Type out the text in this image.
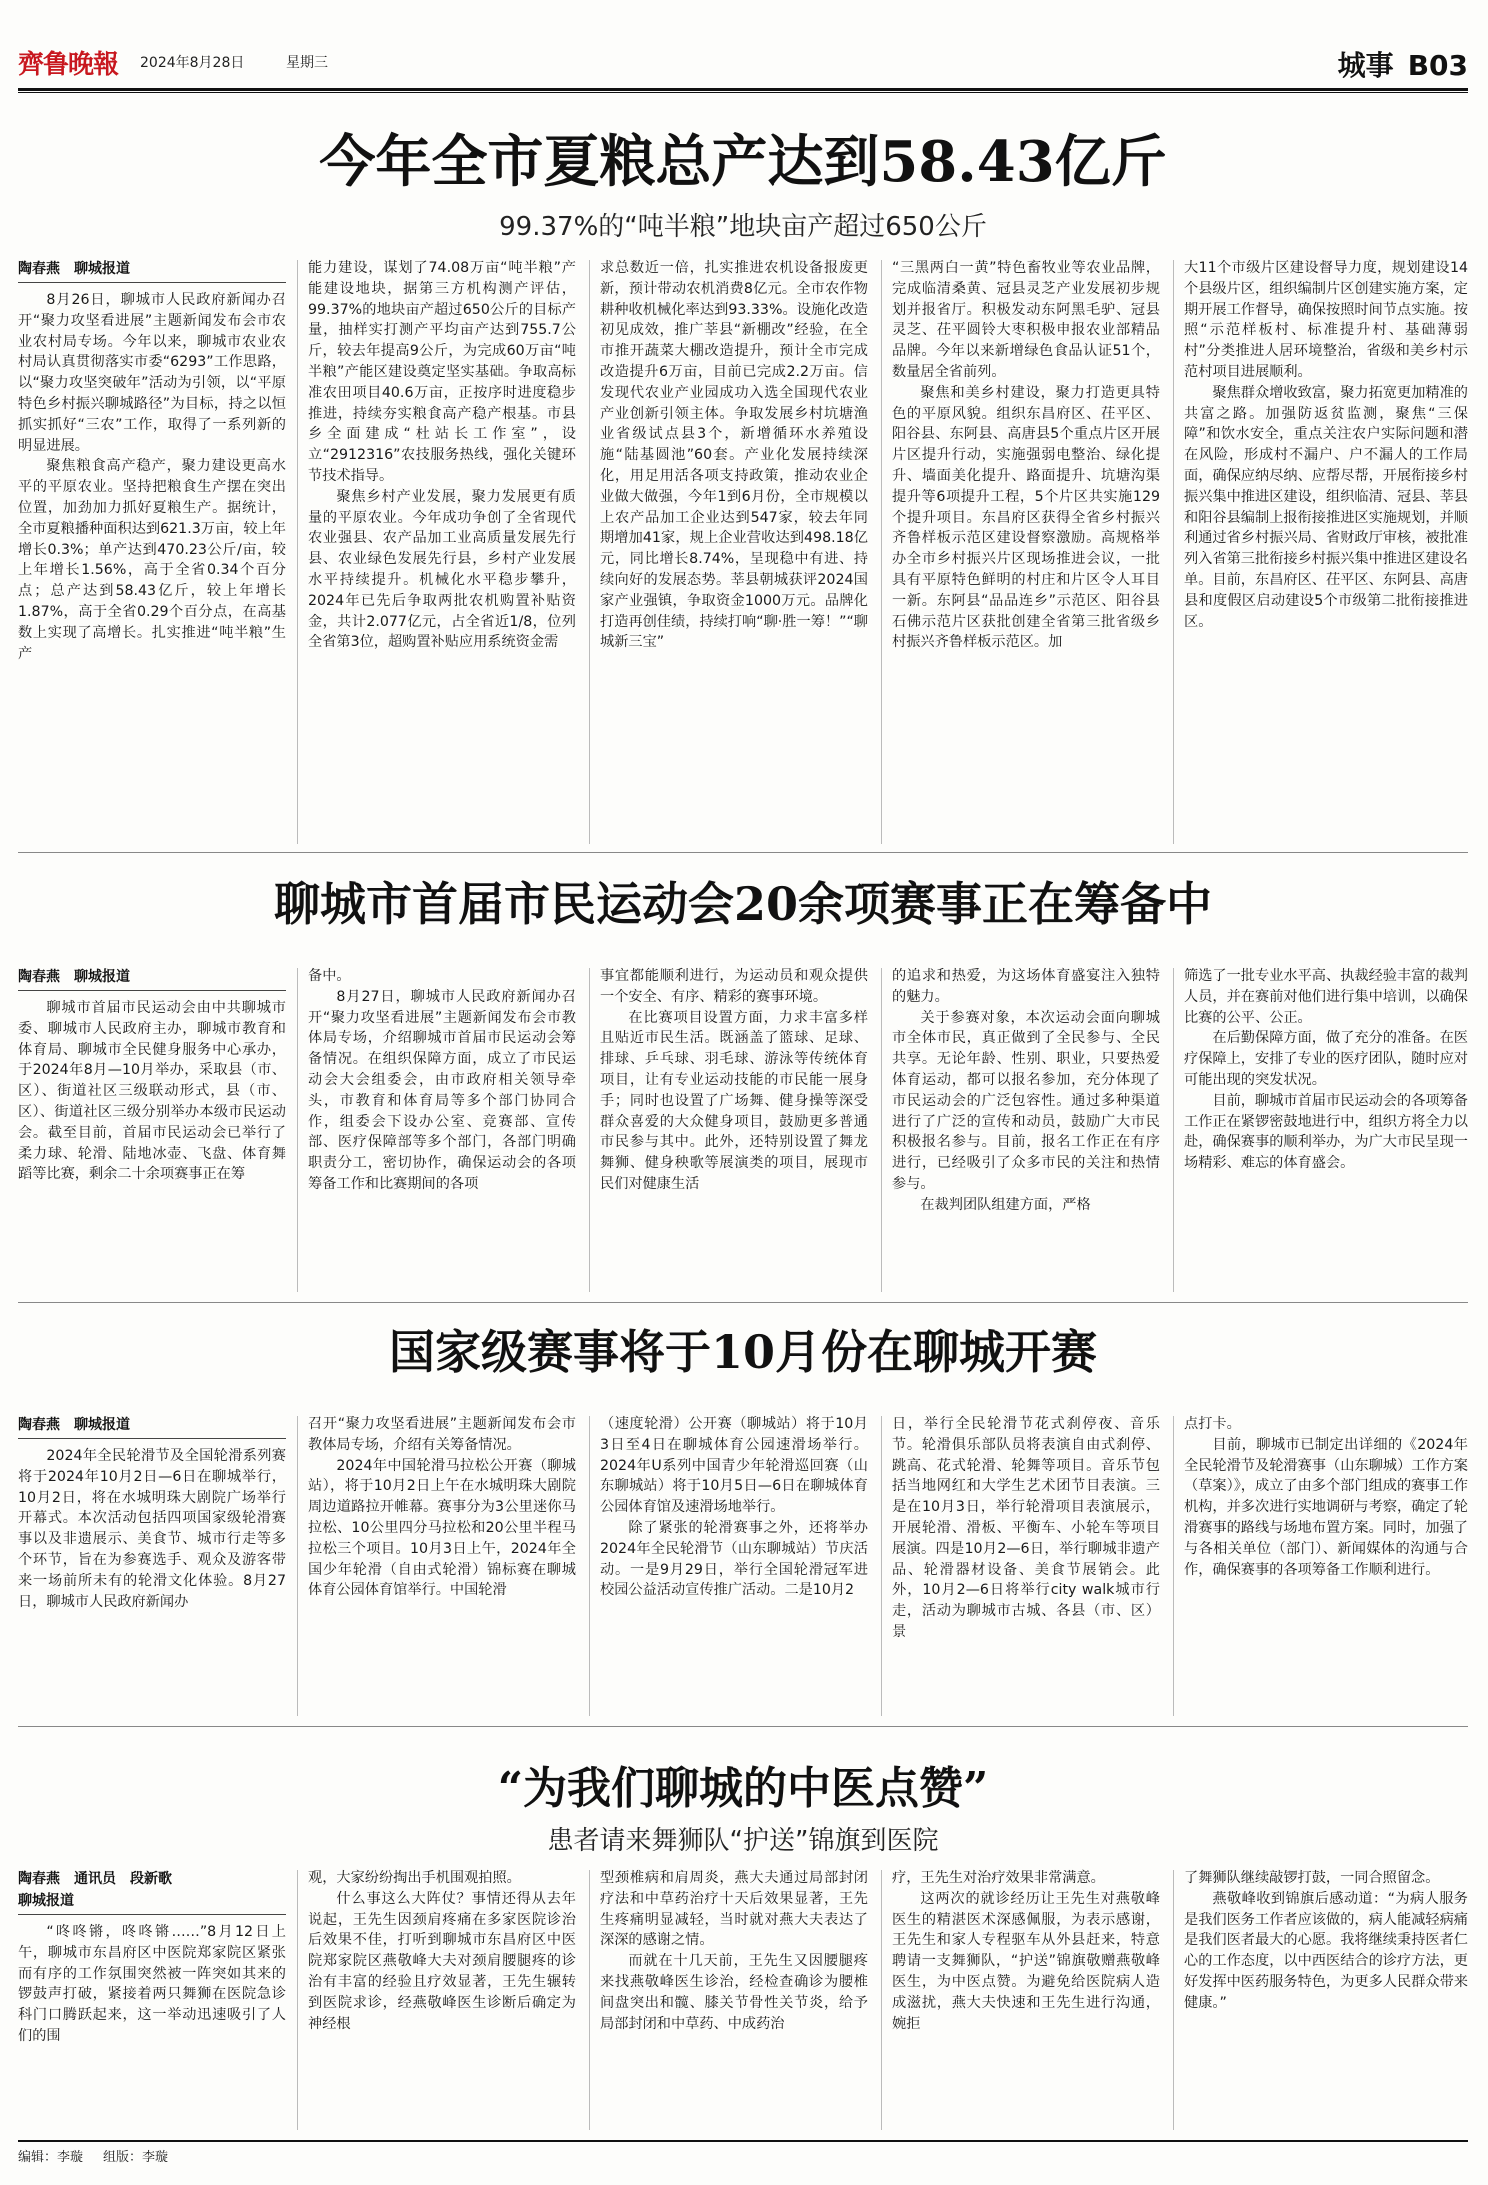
齊鲁晚報 2024年8月28日	星期三	城事 B03
今年全市夏粮总产达到58.43亿斤
99.37%的“吨半粮”地块亩产超过650公斤
陶春燕 聊城报道

8月26日，聊城市人民政府新闻办召开“聚力攻坚看进展”主题新闻发布会市农业农村局专场。今年以来，聊城市农业农村局认真贯彻落实市委“6293”工作思路，以“聚力攻坚突破年”活动为引领，以“平原特色乡村振兴聊城路径”为目标，持之以恒抓实抓好“三农”工作，取得了一系列新的明显进展。

聚焦粮食高产稳产，聚力建设更高水平的平原农业。坚持把粮食生产摆在突出位置，加劲加力抓好夏粮生产。据统计，全市夏粮播种面积达到621.3万亩，较上年增长0.3%；单产达到470.23公斤/亩，较上年增长1.56%，高于全省0.34个百分点；总产达到58.43亿斤，较上年增长1.87%，高于全省0.29个百分点，在高基数上实现了高增长。扎实推进“吨半粮”生产

能力建设，谋划了74.08万亩“吨半粮”产能建设地块，据第三方机构测产评估，99.37%的地块亩产超过650公斤的目标产量，抽样实打测产平均亩产达到755.7公斤，较去年提高9公斤，为完成60万亩“吨半粮”产能区建设奠定坚实基础。争取高标准农田项目40.6万亩，正按序时进度稳步推进，持续夯实粮食高产稳产根基。市县乡全面建成“杜站长工作室”，设立“2912316”农技服务热线，强化关键环节技术指导。

聚焦乡村产业发展，聚力发展更有质量的平原农业。今年成功争创了全省现代农业强县、农产品加工业高质量发展先行县、农业绿色发展先行县，乡村产业发展水平持续提升。机械化水平稳步攀升，2024年已先后争取两批农机购置补贴资金，共计2.077亿元，占全省近1/8，位列全省第3位，超购置补贴应用系统资金需

求总数近一倍，扎实推进农机设备报废更新，预计带动农机消费8亿元。全市农作物耕种收机械化率达到93.33%。设施化改造初见成效，推广莘县“新棚改”经验，在全市推开蔬菜大棚改造提升，预计全市完成改造提升6万亩，目前已完成2.2万亩。信发现代农业产业园成功入选全国现代农业产业创新引领主体。争取发展乡村坑塘渔业省级试点县3个，新增循环水养殖设施“陆基圆池”60套。产业化发展持续深化，用足用活各项支持政策，推动农业企业做大做强，今年1到6月份，全市规模以上农产品加工企业达到547家，较去年同期增加41家，规上企业营收达到498.18亿元，同比增长8.74%，呈现稳中有进、持续向好的发展态势。莘县朝城获评2024国家产业强镇，争取资金1000万元。品牌化打造再创佳绩，持续打响“聊·胜一筹！”“聊城新三宝”

“三黑两白一黄”特色畜牧业等农业品牌，完成临清桑黄、冠县灵芝产业发展初步规划并报省厅。积极发动东阿黑毛驴、冠县灵芝、茌平圆铃大枣积极申报农业部精品品牌。今年以来新增绿色食品认证51个，数量居全省前列。

聚焦和美乡村建设，聚力打造更具特色的平原风貌。组织东昌府区、茌平区、阳谷县、东阿县、高唐县5个重点片区开展片区提升行动，实施强弱电整治、绿化提升、墙面美化提升、路面提升、坑塘沟渠提升等6项提升工程，5个片区共实施129个提升项目。东昌府区获得全省乡村振兴齐鲁样板示范区建设督察激励。高规格举办全市乡村振兴片区现场推进会议，一批具有平原特色鲜明的村庄和片区令人耳目一新。东阿县“品品连乡”示范区、阳谷县石佛示范片区获批创建全省第三批省级乡村振兴齐鲁样板示范区。加

大11个市级片区建设督导力度，规划建设14个县级片区，组织编制片区创建实施方案，定期开展工作督导，确保按照时间节点实施。按照“示范样板村、标准提升村、基础薄弱村”分类推进人居环境整治，省级和美乡村示范村项目进展顺利。

聚焦群众增收致富，聚力拓宽更加精准的共富之路。加强防返贫监测，聚焦“三保障”和饮水安全，重点关注农户实际问题和潜在风险，形成村不漏户、户不漏人的工作局面，确保应纳尽纳、应帮尽帮，开展衔接乡村振兴集中推进区建设，组织临清、冠县、莘县和阳谷县编制上报衔接推进区实施规划，并顺利通过省乡村振兴局、省财政厅审核，被批准列入省第三批衔接乡村振兴集中推进区建设名单。目前，东昌府区、茌平区、东阿县、高唐县和度假区启动建设5个市级第二批衔接推进区。

聊城市首届市民运动会20余项赛事正在筹备中
陶春燕 聊城报道

聊城市首届市民运动会由中共聊城市委、聊城市人民政府主办，聊城市教育和体育局、聊城市全民健身服务中心承办，于2024年8月—10月举办，采取县（市、区）、街道社区三级联动形式，县（市、区）、街道社区三级分别举办本级市民运动会。截至目前，首届市民运动会已举行了柔力球、轮滑、陆地冰壶、飞盘、体育舞蹈等比赛，剩余二十余项赛事正在筹

备中。

8月27日，聊城市人民政府新闻办召开“聚力攻坚看进展”主题新闻发布会市教体局专场，介绍聊城市首届市民运动会筹备情况。在组织保障方面，成立了市民运动会大会组委会，由市政府相关领导牵头，市教育和体育局等多个部门协同合作，组委会下设办公室、竞赛部、宣传部、医疗保障部等多个部门，各部门明确职责分工，密切协作，确保运动会的各项筹备工作和比赛期间的各项

事宜都能顺利进行，为运动员和观众提供一个安全、有序、精彩的赛事环境。

在比赛项目设置方面，力求丰富多样且贴近市民生活。既涵盖了篮球、足球、排球、乒乓球、羽毛球、游泳等传统体育项目，让有专业运动技能的市民能一展身手；同时也设置了广场舞、健身操等深受群众喜爱的大众健身项目，鼓励更多普通市民参与其中。此外，还特别设置了舞龙舞狮、健身秧歌等展演类的项目，展现市民们对健康生活

的追求和热爱，为这场体育盛宴注入独特的魅力。

关于参赛对象，本次运动会面向聊城市全体市民，真正做到了全民参与、全民共享。无论年龄、性别、职业，只要热爱体育运动，都可以报名参加，充分体现了市民运动会的广泛包容性。通过多种渠道进行了广泛的宣传和动员，鼓励广大市民积极报名参与。目前，报名工作正在有序进行，已经吸引了众多市民的关注和热情参与。

在裁判团队组建方面，严格

筛选了一批专业水平高、执裁经验丰富的裁判人员，并在赛前对他们进行集中培训，以确保比赛的公平、公正。

在后勤保障方面，做了充分的准备。在医疗保障上，安排了专业的医疗团队，随时应对可能出现的突发状况。

目前，聊城市首届市民运动会的各项筹备工作正在紧锣密鼓地进行中，组织方将全力以赴，确保赛事的顺利举办，为广大市民呈现一场精彩、难忘的体育盛会。

国家级赛事将于10月份在聊城开赛
陶春燕 聊城报道

2024年全民轮滑节及全国轮滑系列赛将于2024年10月2日—6日在聊城举行，10月2日，将在水城明珠大剧院广场举行开幕式。本次活动包括四项国家级轮滑赛事以及非遗展示、美食节、城市行走等多个环节，旨在为参赛选手、观众及游客带来一场前所未有的轮滑文化体验。8月27日，聊城市人民政府新闻办

召开“聚力攻坚看进展”主题新闻发布会市教体局专场，介绍有关筹备情况。

2024年中国轮滑马拉松公开赛（聊城站），将于10月2日上午在水城明珠大剧院周边道路拉开帷幕。赛事分为3公里迷你马拉松、10公里四分马拉松和20公里半程马拉松三个项目。10月3日上午，2024年全国少年轮滑（自由式轮滑）锦标赛在聊城体育公园体育馆举行。中国轮滑

（速度轮滑）公开赛（聊城站）将于10月3日至4日在聊城体育公园速滑场举行。2024年U系列中国青少年轮滑巡回赛（山东聊城站）将于10月5日—6日在聊城体育公园体育馆及速滑场地举行。

除了紧张的轮滑赛事之外，还将举办2024年全民轮滑节（山东聊城站）节庆活动。一是9月29日，举行全国轮滑冠军进校园公益活动宣传推广活动。二是10月2

日，举行全民轮滑节花式刹停夜、音乐节。轮滑俱乐部队员将表演自由式刹停、跳高、花式轮滑、轮舞等项目。音乐节包括当地网红和大学生艺术团节目表演。三是在10月3日，举行轮滑项目表演展示，开展轮滑、滑板、平衡车、小轮车等项目展演。四是10月2—6日，举行聊城非遗产品、轮滑器材设备、美食节展销会。此外，10月2—6日将举行city walk城市行走，活动为聊城市古城、各县（市、区）景

点打卡。

目前，聊城市已制定出详细的《2024年全民轮滑节及轮滑赛事（山东聊城）工作方案（草案）》，成立了由多个部门组成的赛事工作机构，并多次进行实地调研与考察，确定了轮滑赛事的路线与场地布置方案。同时，加强了与各相关单位（部门）、新闻媒体的沟通与合作，确保赛事的各项筹备工作顺利进行。

“为我们聊城的中医点赞”
患者请来舞狮队“护送”锦旗到医院
陶春燕 通讯员 段新歌
聊城报道

“咚咚锵，咚咚锵……”8月12日上午，聊城市东昌府区中医院郑家院区紧张而有序的工作氛围突然被一阵突如其来的锣鼓声打破，紧接着两只舞狮在医院急诊科门口腾跃起来，这一举动迅速吸引了人们的围

观，大家纷纷掏出手机围观拍照。

什么事这么大阵仗？事情还得从去年说起，王先生因颈肩疼痛在多家医院诊治后效果不佳，打听到聊城市东昌府区中医院郑家院区燕敬峰大夫对颈肩腰腿疼的诊治有丰富的经验且疗效显著，王先生辗转到医院求诊，经燕敬峰医生诊断后确定为神经根

型颈椎病和肩周炎，燕大夫通过局部封闭疗法和中草药治疗十天后效果显著，王先生疼痛明显减轻，当时就对燕大夫表达了深深的感谢之情。

而就在十几天前，王先生又因腰腿疼来找燕敬峰医生诊治，经检查确诊为腰椎间盘突出和髋、膝关节骨性关节炎，给予局部封闭和中草药、中成药治

疗，王先生对治疗效果非常满意。

这两次的就诊经历让王先生对燕敬峰医生的精湛医术深感佩服，为表示感谢，王先生和家人专程驱车从外县赶来，特意聘请一支舞狮队，“护送”锦旗敬赠燕敬峰医生，为中医点赞。为避免给医院病人造成滋扰，燕大夫快速和王先生进行沟通，婉拒

了舞狮队继续敲锣打鼓，一同合照留念。

燕敬峰收到锦旗后感动道：“为病人服务是我们医务工作者应该做的，病人能减轻病痛是我们医者最大的心愿。我将继续秉持医者仁心的工作态度，以中西医结合的诊疗方法，更好发挥中医药服务特色，为更多人民群众带来健康。”

编辑：李璇 组版：李璇
